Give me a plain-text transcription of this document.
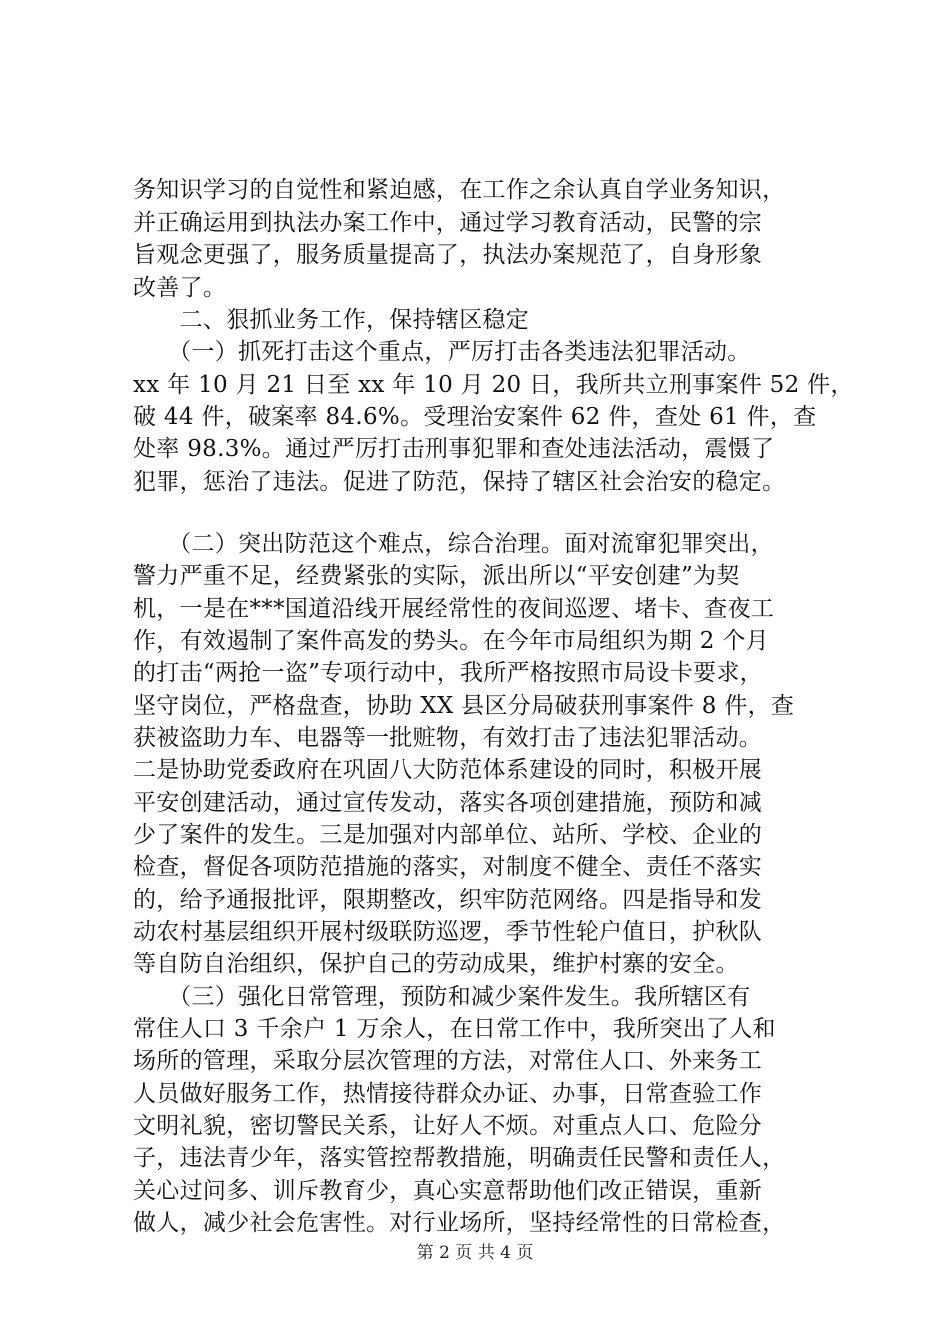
务知识学习的自觉性和紧迫感，在工作之余认真自学业务知识，
并正确运用到执法办案工作中，通过学习教育活动，民警的宗
旨观念更强了，服务质量提高了，执法办案规范了，自身形象
改善了。
　　二、狠抓业务工作，保持辖区稳定
　　（一）抓死打击这个重点，严厉打击各类违法犯罪活动。
xx 年 10 月 21 日至 xx 年 10 月 20 日，我所共立刑事案件 52 件，
破 44 件，破案率 84.6%。受理治安案件 62 件，查处 61 件，查
处率 98.3%。通过严厉打击刑事犯罪和查处违法活动，震慑了
犯罪，惩治了违法。促进了防范，保持了辖区社会治安的稳定。
　　（二）突出防范这个难点，综合治理。面对流窜犯罪突出，
警力严重不足，经费紧张的实际，派出所以“平安创建”为契
机，一是在***国道沿线开展经常性的夜间巡逻、堵卡、查夜工
作，有效遏制了案件高发的势头。在今年市局组织为期 2 个月
的打击“两抢一盗”专项行动中，我所严格按照市局设卡要求，
坚守岗位，严格盘查，协助 XX 县区分局破获刑事案件 8 件，查
获被盗助力车、电器等一批赃物，有效打击了违法犯罪活动。
二是协助党委政府在巩固八大防范体系建设的同时，积极开展
平安创建活动，通过宣传发动，落实各项创建措施，预防和减
少了案件的发生。三是加强对内部单位、站所、学校、企业的
检查，督促各项防范措施的落实，对制度不健全、责任不落实
的，给予通报批评，限期整改，织牢防范网络。四是指导和发
动农村基层组织开展村级联防巡逻，季节性轮户值日，护秋队
等自防自治组织，保护自己的劳动成果，维护村寨的安全。
　　（三）强化日常管理，预防和减少案件发生。我所辖区有
常住人口 3 千余户 1 万余人，在日常工作中，我所突出了人和
场所的管理，采取分层次管理的方法，对常住人口、外来务工
人员做好服务工作，热情接待群众办证、办事，日常查验工作
文明礼貌，密切警民关系，让好人不烦。对重点人口、危险分
子，违法青少年，落实管控帮教措施，明确责任民警和责任人，
关心过问多、训斥教育少，真心实意帮助他们改正错误，重新
做人，减少社会危害性。对行业场所，坚持经常性的日常检查，
第 2 页 共 4 页
